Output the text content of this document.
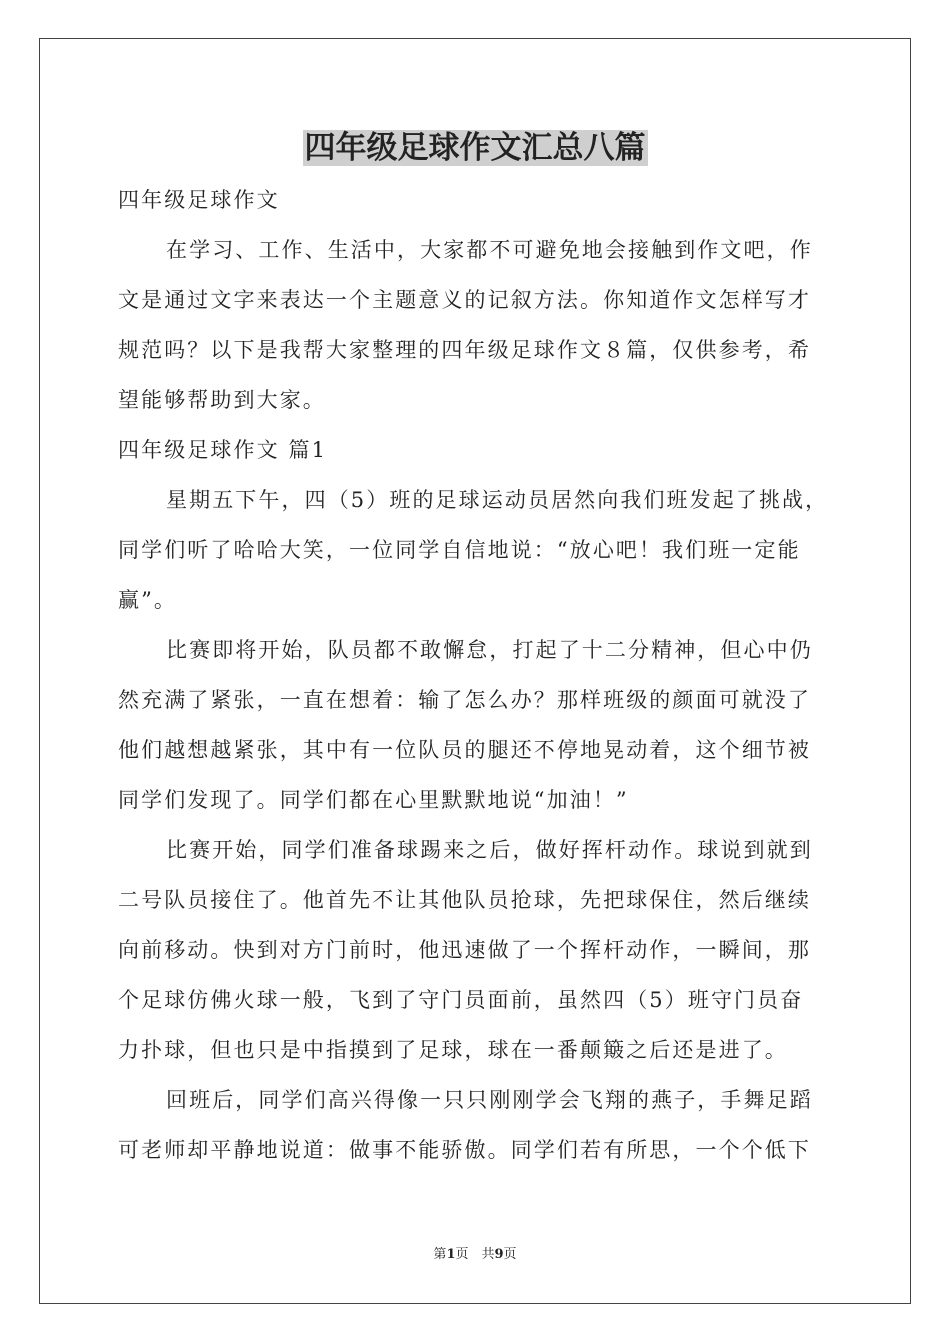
四年级足球作文汇总八篇
四年级足球作文
在学习、工作、生活中，大家都不可避免地会接触到作文吧，作
文是通过文字来表达一个主题意义的记叙方法。你知道作文怎样写才
规范吗？以下是我帮大家整理的四年级足球作文８篇，仅供参考，希
望能够帮助到大家。
四年级足球作文 篇1
星期五下午，四（5）班的足球运动员居然向我们班发起了挑战，
同学们听了哈哈大笑，一位同学自信地说：“放心吧！我们班一定能
赢”。
比赛即将开始，队员都不敢懈怠，打起了十二分精神，但心中仍
然充满了紧张，一直在想着：输了怎么办？那样班级的颜面可就没了
他们越想越紧张，其中有一位队员的腿还不停地晃动着，这个细节被
同学们发现了。同学们都在心里默默地说“加油！”
比赛开始，同学们准备球踢来之后，做好挥杆动作。球说到就到
二号队员接住了。他首先不让其他队员抢球，先把球保住，然后继续
向前移动。快到对方门前时，他迅速做了一个挥杆动作，一瞬间，那
个足球仿佛火球一般，飞到了守门员面前，虽然四（5）班守门员奋
力扑球，但也只是中指摸到了足球，球在一番颠簸之后还是进了。
回班后，同学们高兴得像一只只刚刚学会飞翔的燕子，手舞足蹈
可老师却平静地说道：做事不能骄傲。同学们若有所思，一个个低下
第1页　共9页
